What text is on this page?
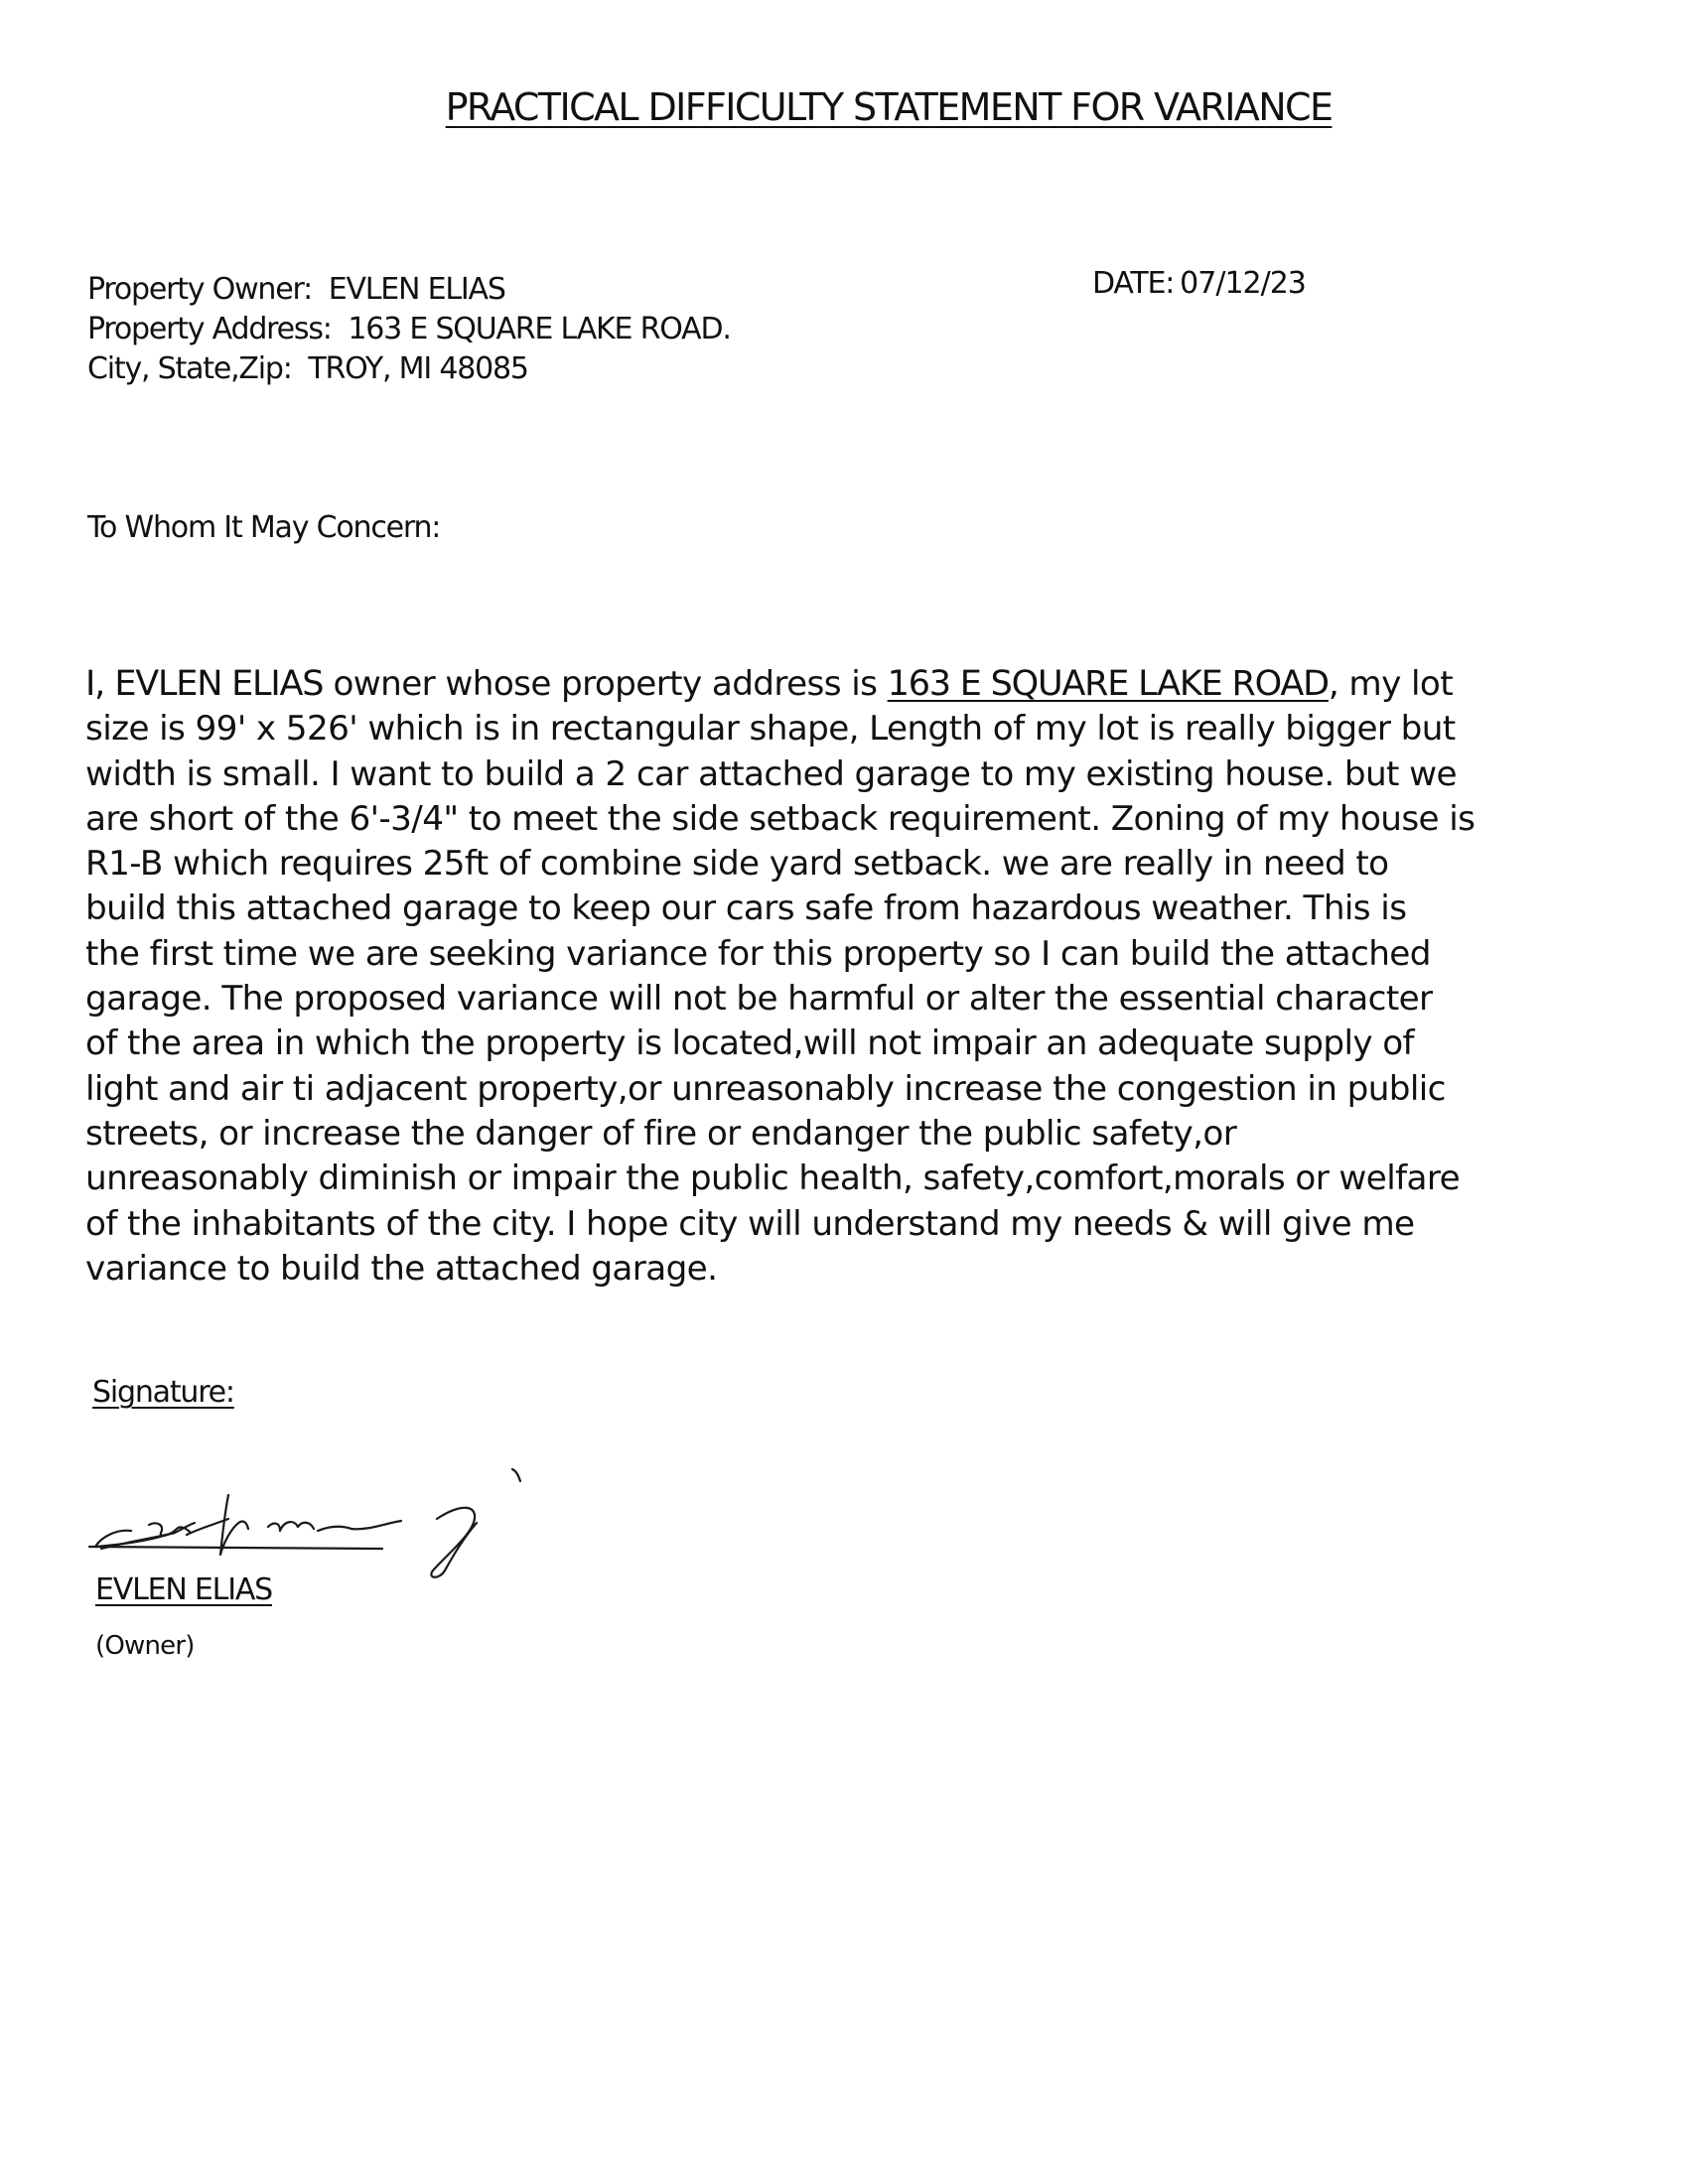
PRACTICAL DIFFICULTY STATEMENT FOR VARIANCE
Property Owner: EVLEN ELIAS
Property Address: 163 E SQUARE LAKE ROAD.
City, State,Zip: TROY, MI 48085
DATE: 07/12/23
To Whom It May Concern:
I, EVLEN ELIAS owner whose property address is 163 E SQUARE LAKE ROAD, my lot
size is 99' x 526' which is in rectangular shape, Length of my lot is really bigger but
width is small. I want to build a 2 car attached garage to my existing house. but we
are short of the 6'-3/4" to meet the side setback requirement. Zoning of my house is
R1-B which requires 25ft of combine side yard setback. we are really in need to
build this attached garage to keep our cars safe from hazardous weather. This is
the first time we are seeking variance for this property so I can build the attached
garage. The proposed variance will not be harmful or alter the essential character
of the area in which the property is located,will not impair an adequate supply of
light and air ti adjacent property,or unreasonably increase the congestion in public
streets, or increase the danger of fire or endanger the public safety,or
unreasonably diminish or impair the public health, safety,comfort,morals or welfare
of the inhabitants of the city. I hope city will understand my needs & will give me
variance to build the attached garage.
Signature:
EVLEN ELIAS
(Owner)
